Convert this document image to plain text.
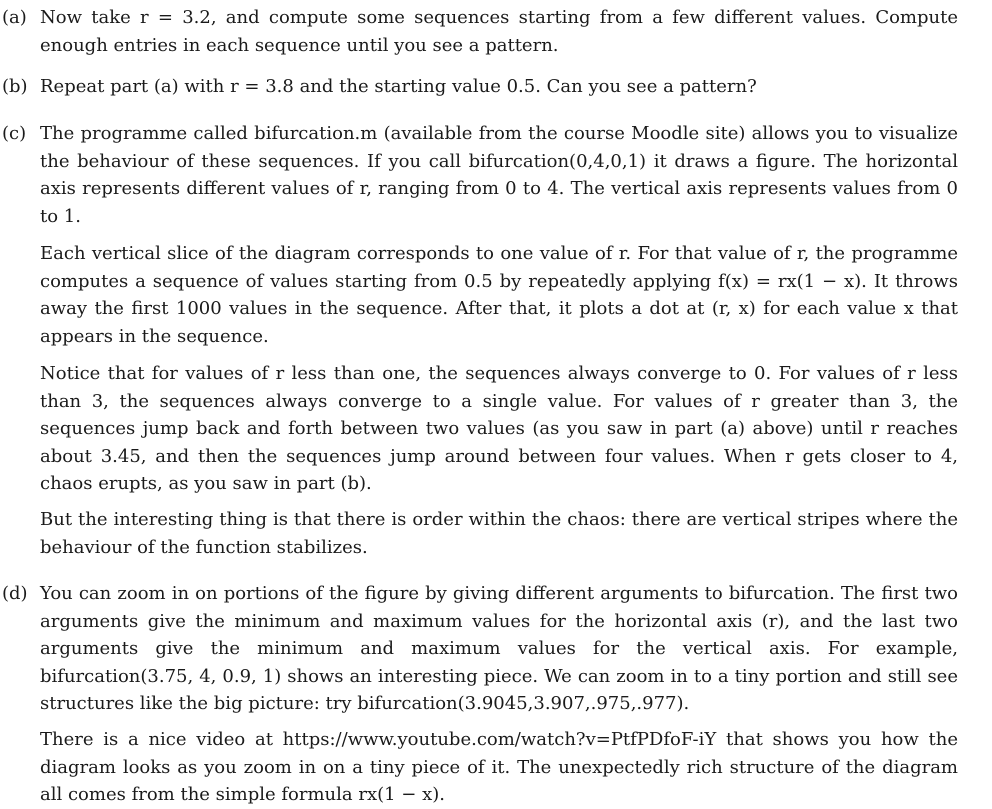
(a) Now take r = 3.2, and compute some sequences starting from a few different values. Compute enough entries in each sequence until you see a pattern.
(b) Repeat part (a) with r = 3.8 and the starting value 0.5. Can you see a pattern?
(c) The programme called bifurcation.m (available from the course Moodle site) allows you to visualize the behaviour of these sequences. If you call bifurcation(0,4,0,1) it draws a figure. The horizontal axis represents different values of r, ranging from 0 to 4. The vertical axis represents values from 0 to 1.
Each vertical slice of the diagram corresponds to one value of r. For that value of r, the programme computes a sequence of values starting from 0.5 by repeatedly applying f(x) = rx(1 − x). It throws away the first 1000 values in the sequence. After that, it plots a dot at (r, x) for each value x that appears in the sequence.
Notice that for values of r less than one, the sequences always converge to 0. For values of r less than 3, the sequences always converge to a single value. For values of r greater than 3, the sequences jump back and forth between two values (as you saw in part (a) above) until r reaches about 3.45, and then the sequences jump around between four values. When r gets closer to 4, chaos erupts, as you saw in part (b).
But the interesting thing is that there is order within the chaos: there are vertical stripes where the behaviour of the function stabilizes.
(d) You can zoom in on portions of the figure by giving different arguments to bifurcation. The first two arguments give the minimum and maximum values for the horizontal axis (r), and the last two arguments give the minimum and maximum values for the vertical axis. For example, bifurcation(3.75, 4, 0.9, 1) shows an interesting piece. We can zoom in to a tiny portion and still see structures like the big picture: try bifurcation(3.9045,3.907,.975,.977).
There is a nice video at https://www.youtube.com/watch?v=PtfPDfoF-iY that shows you how the diagram looks as you zoom in on a tiny piece of it. The unexpectedly rich structure of the diagram all comes from the simple formula rx(1 − x).
